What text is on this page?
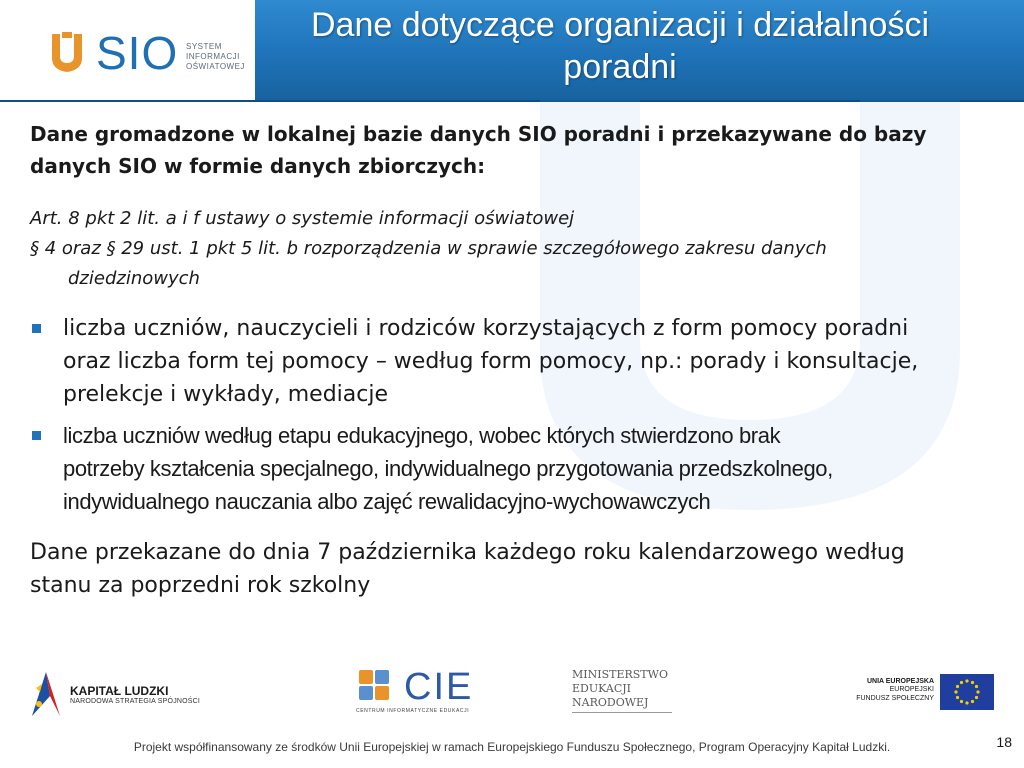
SIO SYSTEM
INFORMACJI
OŚWIATOWEJ
Dane dotyczące organizacji i działalności
poradni
Dane gromadzone w lokalnej bazie danych SIO poradni i przekazywane do bazy
danych SIO w formie danych zbiorczych:
Art. 8 pkt 2 lit. a i f ustawy o systemie informacji oświatowej
§ 4 oraz § 29 ust. 1 pkt 5 lit. b rozporządzenia w sprawie szczegółowego zakresu danych
dziedzinowych
liczba uczniów, nauczycieli i rodziców korzystających z form pomocy poradni
oraz liczba form tej pomocy – według form pomocy, np.: porady i konsultacje,
prelekcje i wykłady, mediacje
liczba uczniów według etapu edukacyjnego, wobec których stwierdzono brak
potrzeby kształcenia specjalnego, indywidualnego przygotowania przedszkolnego,
indywidualnego nauczania albo zajęć rewalidacyjno-wychowawczych
Dane przekazane do dnia 7 października każdego roku kalendarzowego według
stanu za poprzedni rok szkolny
KAPITAŁ LUDZKI
NARODOWA STRATEGIA SPÓJNOŚCI	CIE
CENTRUM INFORMATYCZNE EDUKACJI
MINISTERSTWO
EDUKACJI
NARODOWEJ
UNIA EUROPEJSKA
EUROPEJSKI
FUNDUSZ SPOŁECZNY
Projekt współfinansowany ze środków Unii Europejskiej w ramach Europejskiego Funduszu Społecznego, Program Operacyjny Kapitał Ludzki.	18
